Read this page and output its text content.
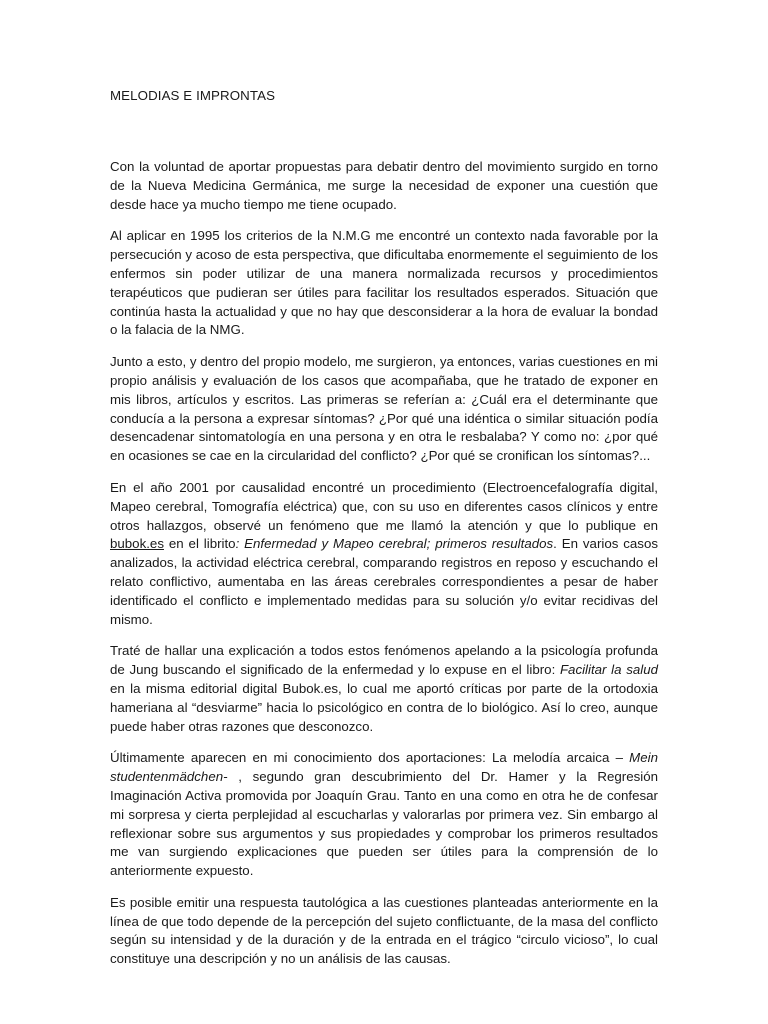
MELODIAS E IMPRONTAS

Con la voluntad de aportar propuestas para debatir dentro del movimiento surgido en torno de la Nueva Medicina Germánica, me surge la necesidad de exponer una cuestión que desde hace ya mucho tiempo me tiene ocupado.

Al aplicar en 1995 los criterios de la N.M.G me encontré un contexto nada favorable por la persecución y acoso de esta perspectiva, que dificultaba enormemente el seguimiento de los enfermos sin poder utilizar de una manera normalizada recursos y procedimientos terapéuticos que pudieran ser útiles para facilitar los resultados esperados. Situación que continúa hasta la actualidad y que no hay que desconsiderar a la hora de evaluar la bondad o la falacia de la NMG.

Junto a esto, y dentro del propio modelo, me surgieron, ya entonces, varias cuestiones en mi propio análisis y evaluación de los casos que acompañaba, que he tratado de exponer en mis libros, artículos y escritos. Las primeras se referían a: ¿Cuál era el determinante que conducía a la persona a expresar síntomas? ¿Por qué una idéntica o similar situación podía desencadenar sintomatología en una persona y en otra le resbalaba? Y como no: ¿por qué en ocasiones se cae en la circularidad del conflicto? ¿Por qué se cronifican los síntomas?...

En el año 2001 por causalidad encontré un procedimiento (Electroencefalografía digital, Mapeo cerebral, Tomografía eléctrica) que, con su uso en diferentes casos clínicos y entre otros hallazgos, observé un fenómeno que me llamó la atención y que lo publique en bubok.es en el librito: Enfermedad y Mapeo cerebral; primeros resultados. En varios casos analizados, la actividad eléctrica cerebral, comparando registros en reposo y escuchando el relato conflictivo, aumentaba en las áreas cerebrales correspondientes a pesar de haber identificado el conflicto e implementado medidas para su solución y/o evitar recidivas del mismo.

Traté de hallar una explicación a todos estos fenómenos apelando a la psicología profunda de Jung buscando el significado de la enfermedad y lo expuse en el libro: Facilitar la salud en la misma editorial digital Bubok.es, lo cual me aportó críticas por parte de la ortodoxia hameriana al “desviarme” hacia lo psicológico en contra de lo biológico. Así lo creo, aunque puede haber otras razones que desconozco.

Últimamente aparecen en mi conocimiento dos aportaciones: La melodía arcaica – Mein studentenmädchen- , segundo gran descubrimiento del Dr. Hamer y la Regresión Imaginación Activa promovida por Joaquín Grau. Tanto en una como en otra he de confesar mi sorpresa y cierta perplejidad al escucharlas y valorarlas por primera vez. Sin embargo al reflexionar sobre sus argumentos y sus propiedades y comprobar los primeros resultados me van surgiendo explicaciones que pueden ser útiles para la comprensión de lo anteriormente expuesto.

Es posible emitir una respuesta tautológica a las cuestiones planteadas anteriormente en la línea de que todo depende de la percepción del sujeto conflictuante, de la masa del conflicto según su intensidad y de la duración y de la entrada en el trágico “circulo vicioso”, lo cual constituye una descripción y no un análisis de las causas.
